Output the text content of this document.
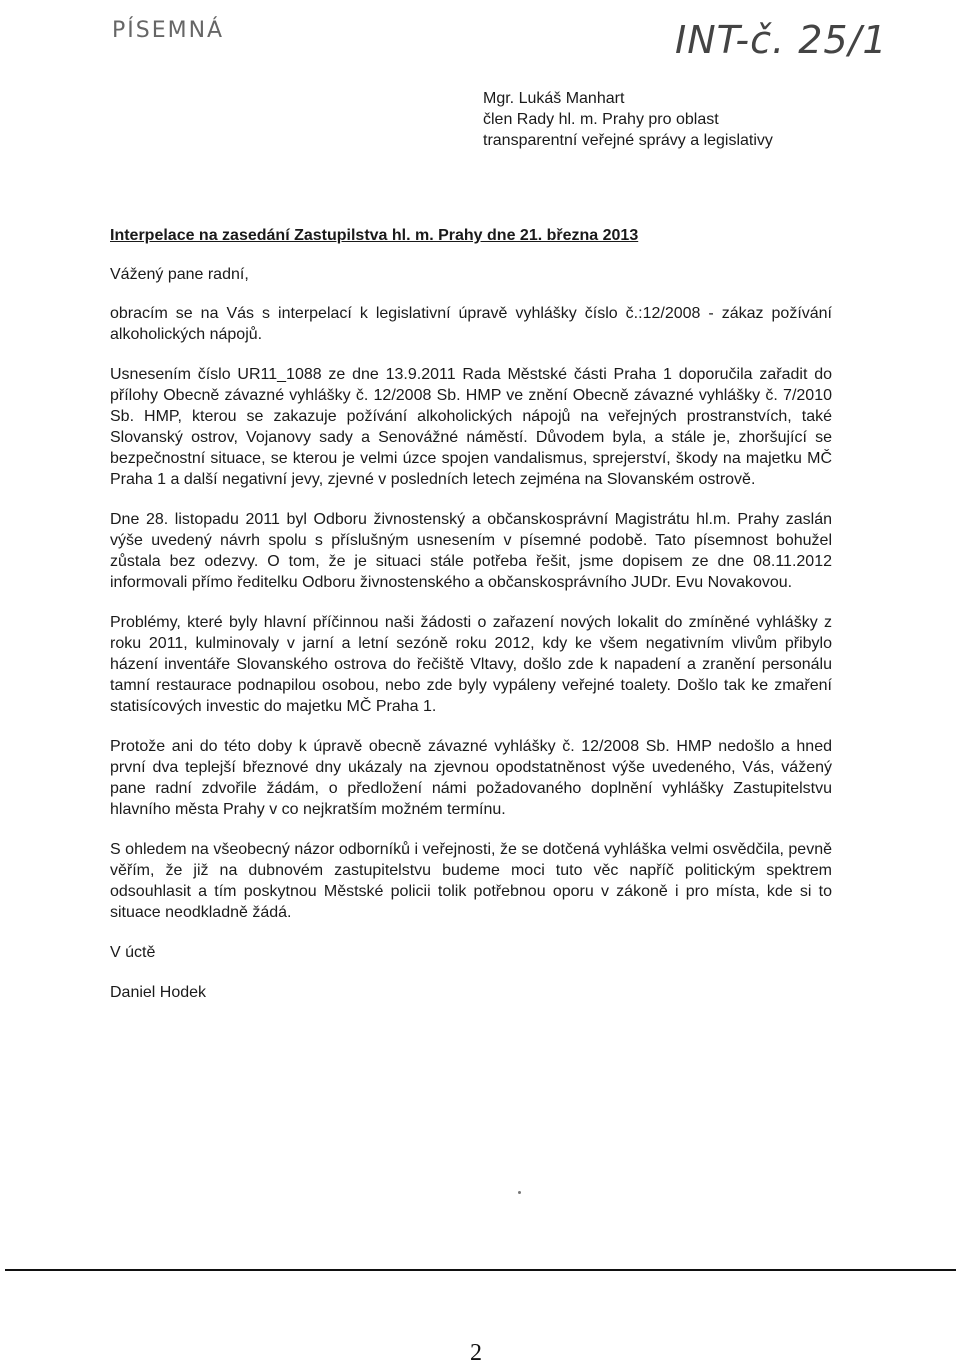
PÍSEMNÁ	INT-č. 25/1
Mgr. Lukáš Manhart
člen Rady hl. m. Prahy pro oblast
transparentní veřejné správy a legislativy
Interpelace na zasedání Zastupilstva hl. m. Prahy dne 21. března 2013

Vážený pane radní,

obracím se na Vás s interpelací k legislativní úpravě vyhlášky číslo č.:12/2008 - zákaz požívání alkoholických nápojů.

Usnesením číslo UR11_1088 ze dne 13.9.2011 Rada Městské části Praha 1 doporučila zařadit do přílohy Obecně závazné vyhlášky č. 12/2008 Sb. HMP ve znění Obecně závazné vyhlášky č. 7/2010 Sb. HMP, kterou se zakazuje požívání alkoholických nápojů na veřejných prostranstvích, také Slovanský ostrov, Vojanovy sady a Senovážné náměstí. Důvodem byla, a stále je, zhoršující se bezpečnostní situace, se kterou je velmi úzce spojen vandalismus, sprejerství, škody na majetku MČ Praha 1 a další negativní jevy, zjevné v posledních letech zejména na Slovanském ostrově.

Dne 28. listopadu 2011 byl Odboru živnostenský a občanskosprávní Magistrátu hl.m. Prahy zaslán výše uvedený návrh spolu s příslušným usnesením v písemné podobě. Tato písemnost bohužel zůstala bez odezvy. O tom, že je situaci stále potřeba řešit, jsme dopisem ze dne 08.11.2012 informovali přímo ředitelku Odboru živnostenského a občanskosprávního JUDr. Evu Novakovou.

Problémy, které byly hlavní příčinnou naši žádosti o zařazení nových lokalit do zmíněné vyhlášky z roku 2011, kulminovaly v jarní a letní sezóně roku 2012, kdy ke všem negativním vlivům přibylo házení inventáře Slovanského ostrova do řečiště Vltavy, došlo zde k napadení a zranění personálu tamní restaurace podnapilou osobou, nebo zde byly vypáleny veřejné toalety. Došlo tak ke zmaření statisícových investic do majetku MČ Praha 1.

Protože ani do této doby k úpravě obecně závazné vyhlášky č. 12/2008 Sb. HMP nedošlo a hned první dva teplejší březnové dny ukázaly na zjevnou opodstatněnost výše uvedeného, Vás, vážený pane radní zdvořile žádám, o předložení námi požadovaného doplnění vyhlášky Zastupitelstvu hlavního města Prahy v co nejkratším možném termínu.

S ohledem na všeobecný názor odborníků i veřejnosti, že se dotčená vyhláška velmi osvědčila, pevně věřím, že již na dubnovém zastupitelstvu budeme moci tuto věc napříč politickým spektrem odsouhlasit a tím poskytnou Městské policii tolik potřebnou oporu v zákoně i pro místa, kde si to situace neodkladně žádá.

V úctě

Daniel Hodek

2
